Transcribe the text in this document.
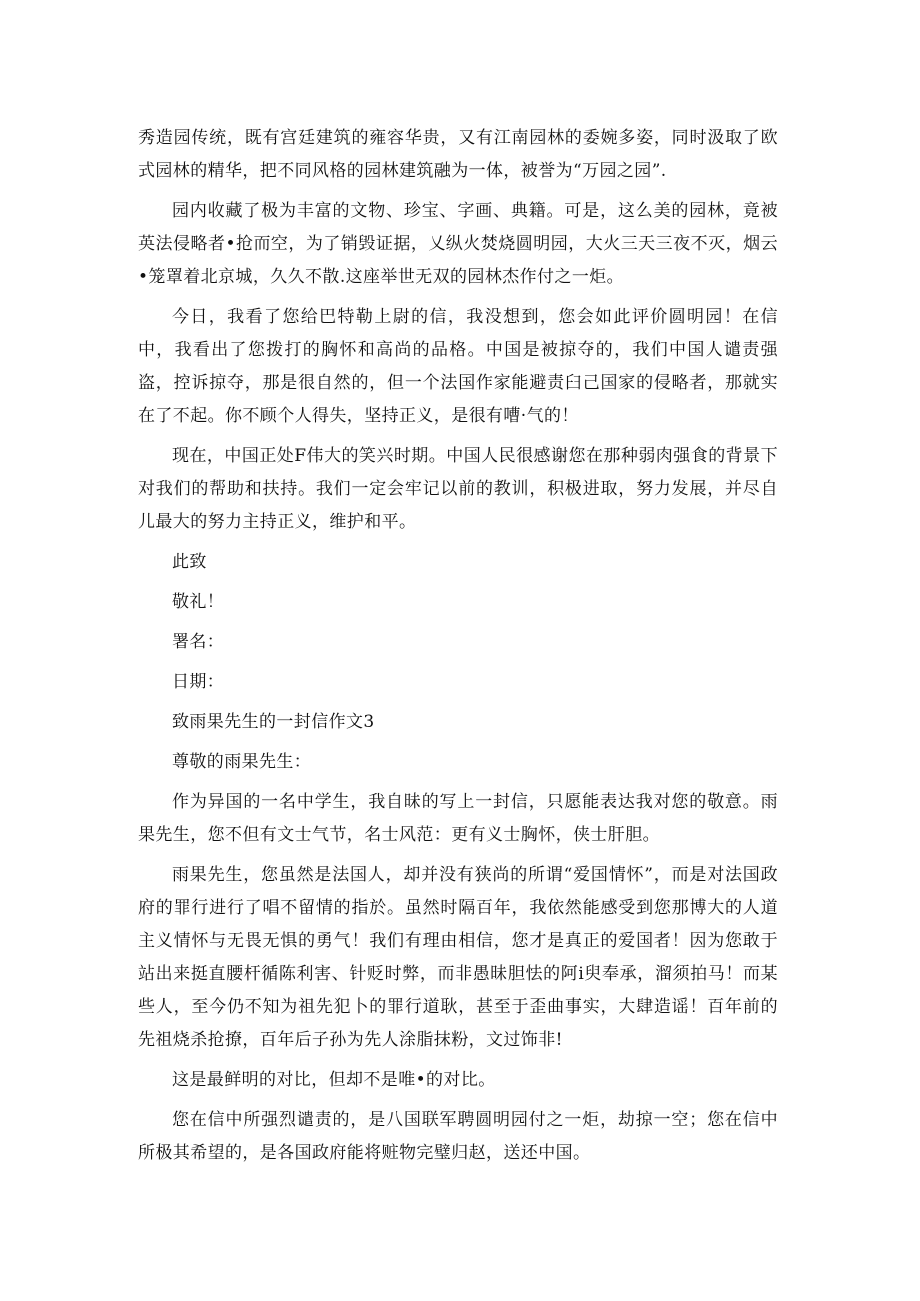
秀造园传统，既有宫廷建筑的雍容华贵，又有江南园林的委婉多姿，同时汲取了欧式园林的精华，把不同风格的园林建筑融为一体，被誉为“万园之园”.

园内收藏了极为丰富的文物、珍宝、字画、典籍。可是，这么美的园林，竟被英法侵略者•抢而空，为了销毁证据，乂纵火焚烧圆明园，大火三天三夜不灭，烟云•笼罩着北京城，久久不散.这座举世无双的园林杰作付之一炬。

今日，我看了您给巴特勒上尉的信，我没想到，您会如此评价圆明园！在信中，我看出了您拨打的胸怀和高尚的品格。中国是被掠夺的，我们中国人谴责强盗，控诉掠夺，那是很自然的，但一个法国作家能避责臼己国家的侵略者，那就实在了不起。你不顾个人得失，坚持正义，是很有嘈·气的！

现在，中国正处F伟大的笑兴时期。中国人民很感谢您在那种弱肉强食的背景下对我们的帮助和扶持。我们一定会牢记以前的教训，积极进取，努力发展，并尽自儿最大的努力主持正义，维护和平。

此致
敬礼！
署名：
日期：
致雨果先生的一封信作文3
尊敬的雨果先生：

作为异国的一名中学生，我自昧的写上一封信，只愿能表达我对您的敬意。雨果先生，您不但有文士气节，名士风范：更有义士胸怀，侠士肝胆。

雨果先生，您虽然是法国人，却并没有狭尚的所谓“爱国情怀”，而是对法国政府的罪行进行了唱不留情的指於。虽然时隔百年，我依然能感受到您那博大的人道主义情怀与无畏无惧的勇气！我们有理由相信，您才是真正的爱国者！因为您敢于站出来挺直腰杆循陈利害、针贬时弊，而非愚昧胆怯的阿i臾奉承，溜须拍马！而某些人，至今仍不知为祖先犯卜的罪行道耿，甚至于歪曲事实，大肆造谣！百年前的先祖烧杀抢撩，百年后子孙为先人涂脂抹粉，文过饰非!

这是最鲜明的对比，但却不是唯•的对比。

您在信中所强烈谴责的，是八国联军聘圆明园付之一炬，劫掠一空；您在信中所极其希望的，是各国政府能将赃物完璧归赵，送还中国。
